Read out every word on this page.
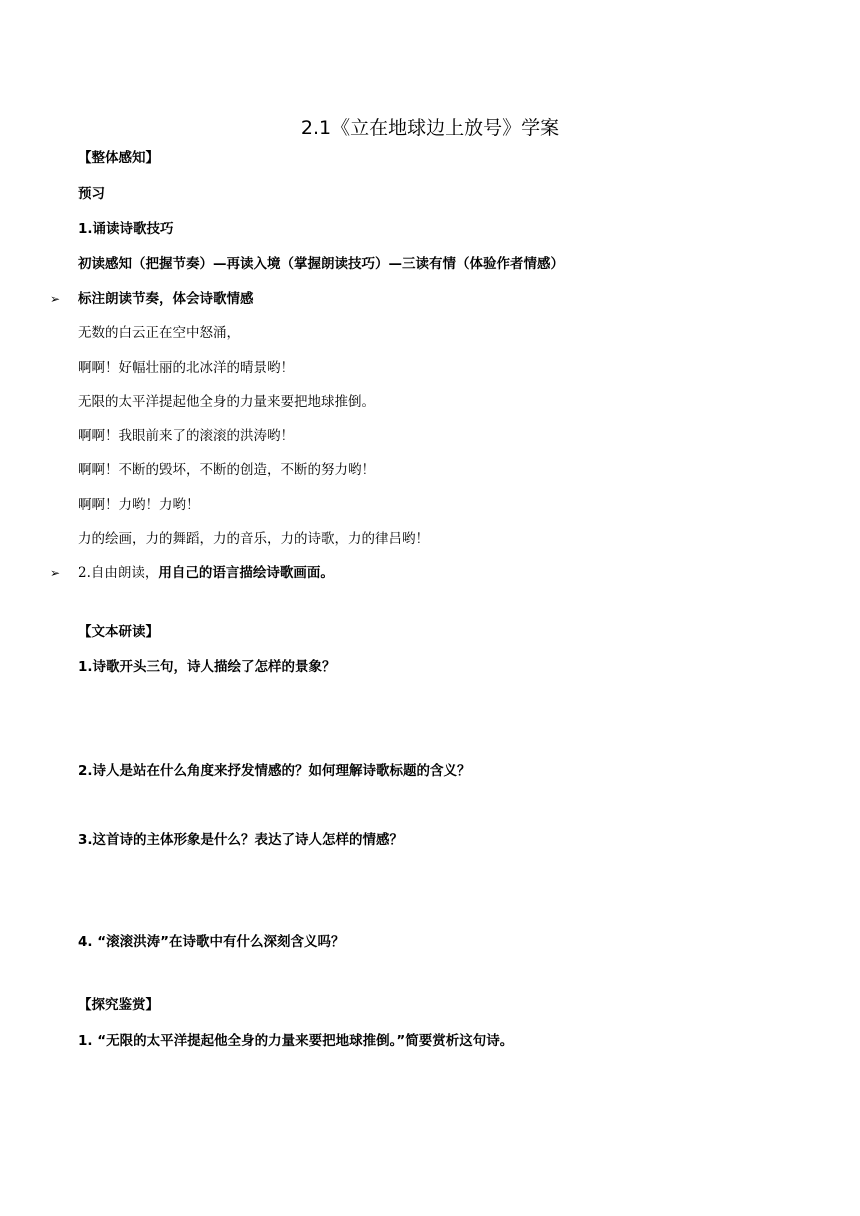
2.1《立在地球边上放号》学案
【整体感知】
预习
1.诵读诗歌技巧
初读感知（把握节奏）—再读入境（掌握朗读技巧）—三读有情（体验作者情感）
➢ 标注朗读节奏，体会诗歌情感
无数的白云正在空中怒涌，
啊啊！好幅壮丽的北冰洋的晴景哟！
无限的太平洋提起他全身的力量来要把地球推倒。
啊啊！我眼前来了的滚滚的洪涛哟！
啊啊！不断的毁坏，不断的创造，不断的努力哟！
啊啊！力哟！力哟！
力的绘画，力的舞蹈，力的音乐，力的诗歌，力的律吕哟！
➢ 2.自由朗读，用自己的语言描绘诗歌画面。
【文本研读】
1.诗歌开头三句，诗人描绘了怎样的景象？
2.诗人是站在什么角度来抒发情感的？如何理解诗歌标题的含义？
3.这首诗的主体形象是什么？表达了诗人怎样的情感？
4. “滚滚洪涛”在诗歌中有什么深刻含义吗？
【探究鉴赏】
1. “无限的太平洋提起他全身的力量来要把地球推倒。”简要赏析这句诗。
